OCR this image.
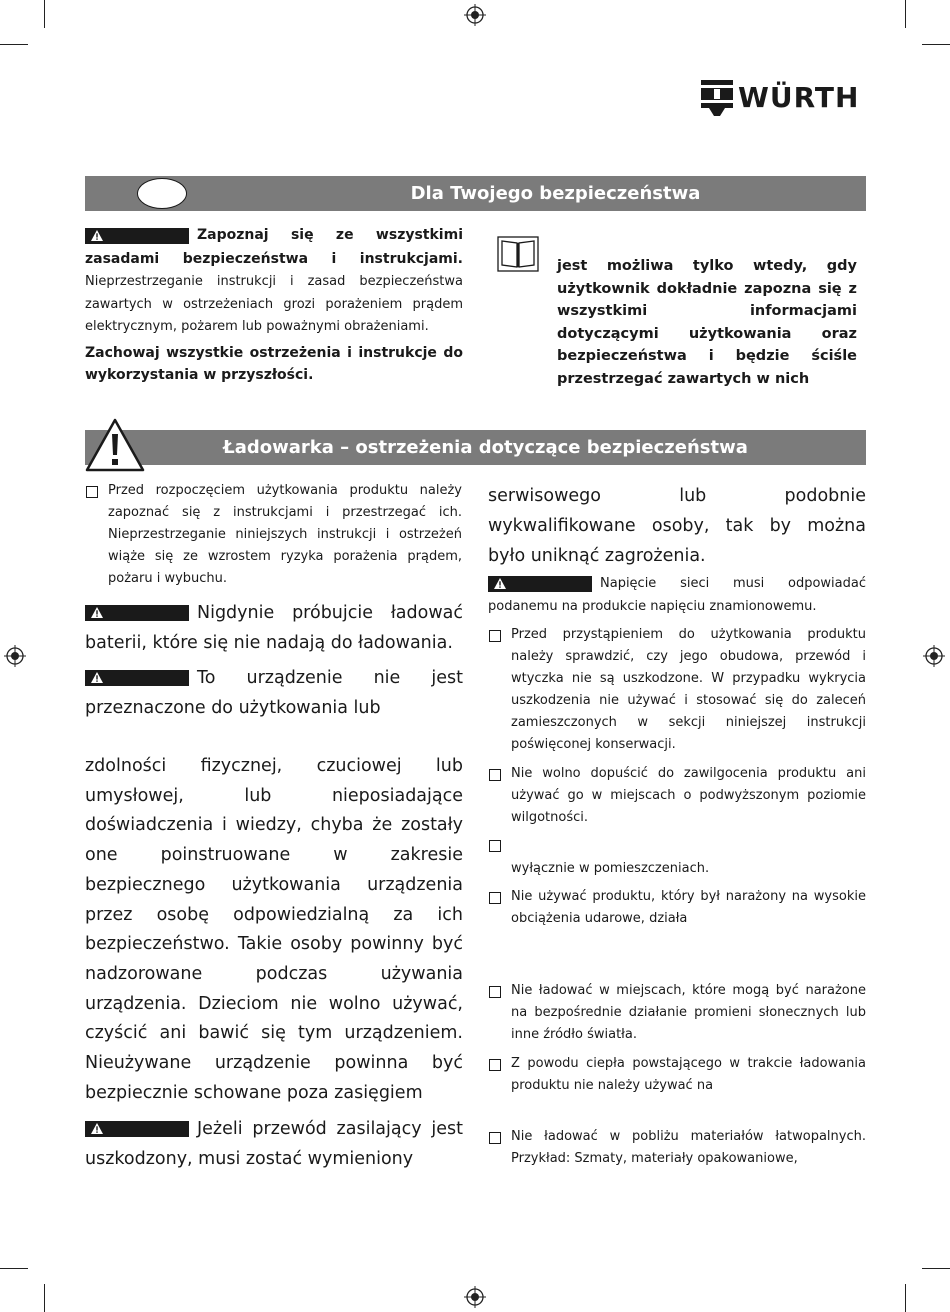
WÜRTH
Dla Twojego bezpieczeństwa
Zapoznaj się ze wszystkimi zasadami bezpieczeństwa i instrukcjami. Nieprzestrzeganie instrukcji i zasad bezpieczeństwa zawartych w ostrzeżeniach grozi porażeniem prądem elektrycznym, pożarem lub poważnymi obrażeniami.
Zachowaj wszystkie ostrzeżenia i instrukcje do wykorzystania w przyszłości.
jest możliwa tylko wtedy, gdy użytkownik dokładnie zapozna się z wszystkimi informacjami dotyczącymi użytkowania oraz bezpieczeństwa i będzie ściśle przestrzegać zawartych w nich
Ładowarka – ostrzeżenia dotyczące bezpieczeństwa
Przed rozpoczęciem użytkowania produktu należy zapoznać się z instrukcjami i przestrzegać ich. Nieprzestrzeganie niniejszych instrukcji i ostrzeżeń wiąże się ze wzrostem ryzyka porażenia prądem, pożaru i wybuchu.
Nigdynie próbujcie ładować baterii, które się nie nadają do ładowania.
To urządzenie nie jest przeznaczone do użytkowania lub
zdolności fizycznej, czuciowej lub umysłowej, lub nieposiadające doświadczenia i wiedzy, chyba że zostały one poinstruowane w zakresie bezpiecznego użytkowania urządzenia przez osobę odpowiedzialną za ich bezpieczeństwo. Takie osoby powinny być nadzorowane podczas używania urządzenia. Dzieciom nie wolno używać, czyścić ani bawić się tym urządzeniem. Nieużywane urządzenie powinna być bezpiecznie schowane poza zasięgiem
Jeżeli przewód zasilający jest uszkodzony, musi zostać wymieniony
serwisowego lub podobnie wykwalifikowane osoby, tak by można było uniknąć zagrożenia.
Napięcie sieci musi odpowiadać podanemu na produkcie napięciu znamionowemu.
Przed przystąpieniem do użytkowania produktu należy sprawdzić, czy jego obudowa, przewód i wtyczka nie są uszkodzone. W przypadku wykrycia uszkodzenia nie używać i stosować się do zaleceń zamieszczonych w sekcji niniejszej instrukcji poświęconej konserwacji.
Nie wolno dopuścić do zawilgocenia produktu ani używać go w miejscach o podwyższonym poziomie wilgotności.
wyłącznie w pomieszczeniach.
Nie używać produktu, który był narażony na wysokie obciążenia udarowe, działa
Nie ładować w miejscach, które mogą być narażone na bezpośrednie działanie promieni słonecznych lub inne źródło światła.
Z powodu ciepła powstającego w trakcie ładowania produktu nie należy używać na
Nie ładować w pobliżu materiałów łatwopalnych. Przykład: Szmaty, materiały opakowaniowe,
